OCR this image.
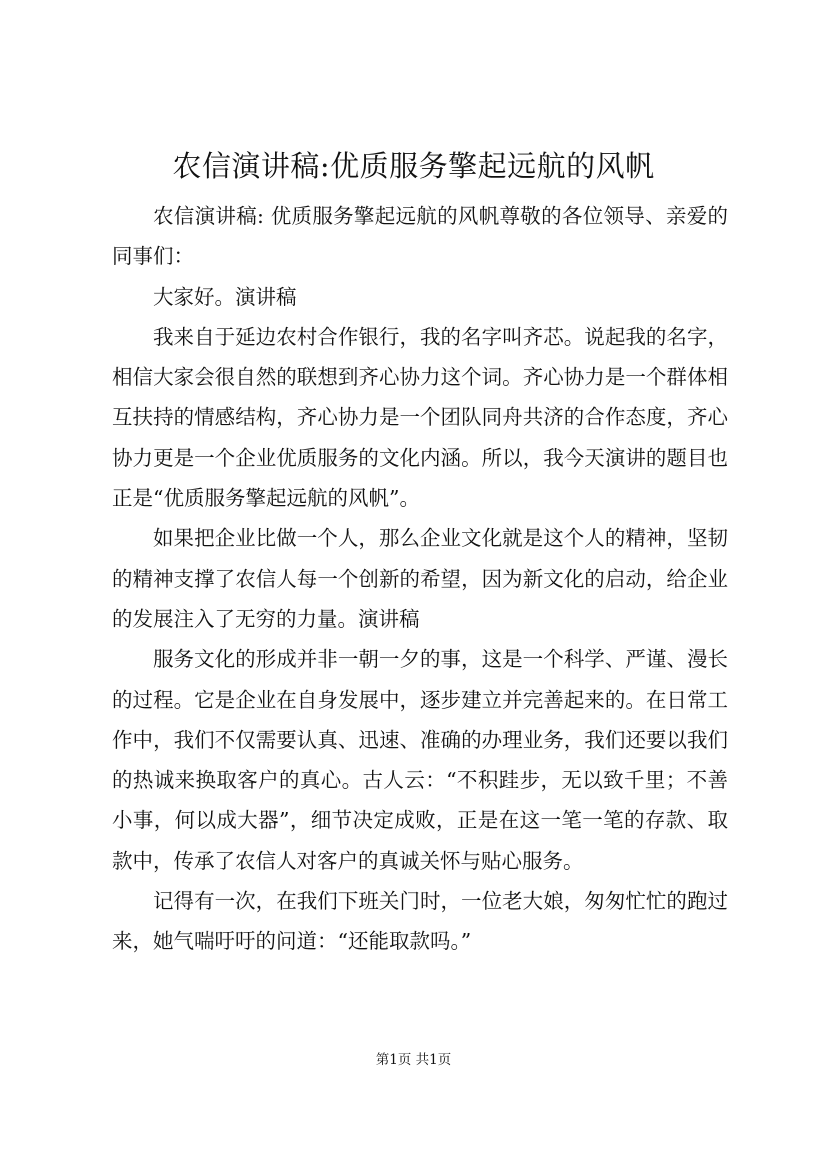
农信演讲稿:优质服务擎起远航的风帆

农信演讲稿: 优质服务擎起远航的风帆尊敬的各位领导、亲爱的同事们：

大家好。演讲稿

我来自于延边农村合作银行，我的名字叫齐芯。说起我的名字，相信大家会很自然的联想到齐心协力这个词。齐心协力是一个群体相互扶持的情感结构，齐心协力是一个团队同舟共济的合作态度，齐心协力更是一个企业优质服务的文化内涵。所以，我今天演讲的题目也正是“优质服务擎起远航的风帆”。

如果把企业比做一个人，那么企业文化就是这个人的精神，坚韧的精神支撑了农信人每一个创新的希望，因为新文化的启动，给企业的发展注入了无穷的力量。演讲稿

服务文化的形成并非一朝一夕的事，这是一个科学、严谨、漫长的过程。它是企业在自身发展中，逐步建立并完善起来的。在日常工作中，我们不仅需要认真、迅速、准确的办理业务，我们还要以我们的热诚来换取客户的真心。古人云：“不积跬步，无以致千里；不善小事，何以成大器”，细节决定成败，正是在这一笔一笔的存款、取款中，传承了农信人对客户的真诚关怀与贴心服务。

记得有一次，在我们下班关门时，一位老大娘，匆匆忙忙的跑过来，她气喘吁吁的问道：“还能取款吗。”

第1页 共1页
